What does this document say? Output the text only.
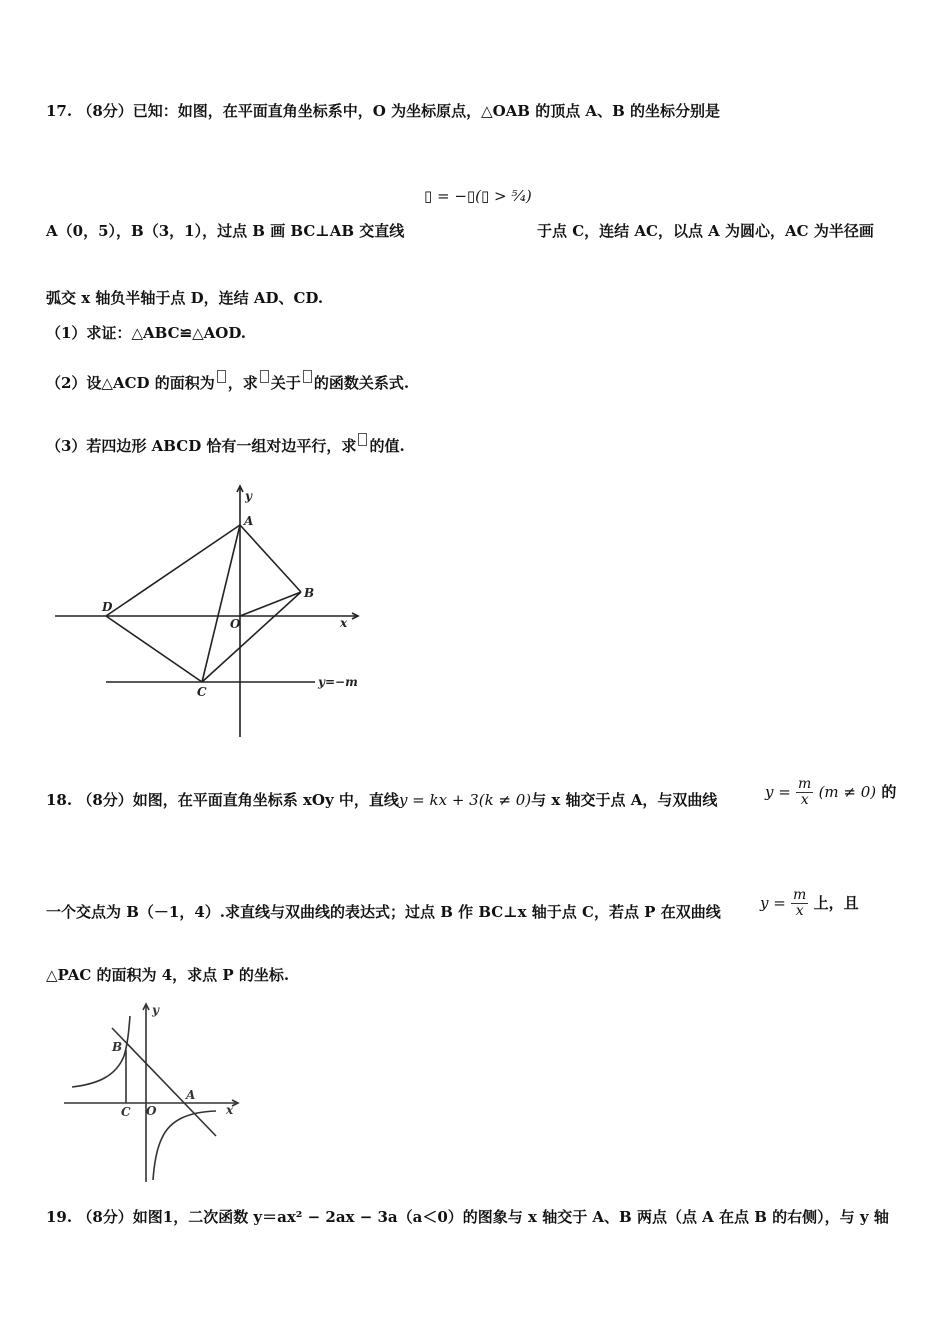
17. （8分）已知：如图，在平面直角坐标系中，O 为坐标原点，△OAB 的顶点 A、B 的坐标分别是
▯ = −▯(▯ > ⁵⁄₄)
A（0，5），B（3，1），过点 B 画 BC⊥AB 交直线	于点 C，连结 AC，以点 A 为圆心，AC 为半径画
弧交 x 轴负半轴于点 D，连结 AD、CD.
（1）求证：△ABC≌△AOD.
（2）设△ACD 的面积为 ，求 关于 的函数关系式.
（3）若四边形 ABCD 恰有一组对边平行，求 的值.
y
A
B
D
O	x
C
y=−m
18. （8分）如图，在平面直角坐标系 xOy 中，直线y = kx + 3(k ≠ 0)与 x 轴交于点 A，与双曲线	$y = \frac{m}{x} (m \ne 0)$ 的
一个交点为 B（－1，4）.求直线与双曲线的表达式；过点 B 作 BC⊥x 轴于点 C，若点 P 在双曲线	$y = \frac{m}{x}$ 上，且
△PAC 的面积为 4，求点 P 的坐标.
y
B
A
x
C O
19. （8分）如图1，二次函数 y＝ax² − 2ax − 3a（a＜0）的图象与 x 轴交于 A、B 两点（点 A 在点 B 的右侧），与 y 轴
